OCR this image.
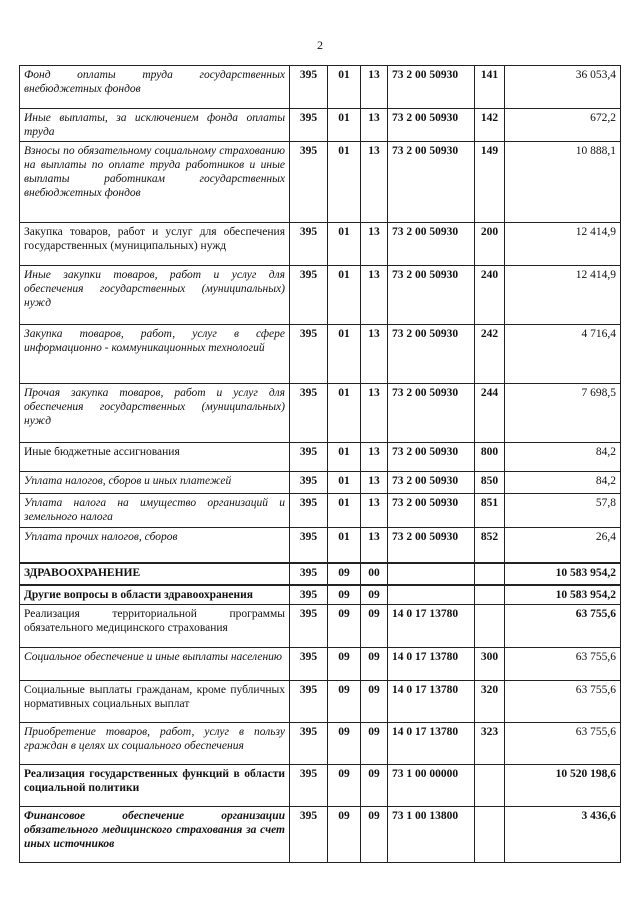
2
Фонд оплаты труда государственных внебюджетных фондов	395	01	13	73 2 00 50930	141	36 053,4
Иные выплаты, за исключением фонда оплаты труда	395	01	13	73 2 00 50930	142	672,2
Взносы по обязательному социальному страхованию на выплаты по оплате труда работников и иные выплаты работникам государственных внебюджетных фондов	395	01	13	73 2 00 50930	149	10 888,1
Закупка товаров, работ и услуг для обеспечения государственных (муниципальных) нужд	395	01	13	73 2 00 50930	200	12 414,9
Иные закупки товаров, работ и услуг для обеспечения государственных (муниципальных) нужд	395	01	13	73 2 00 50930	240	12 414,9
Закупка товаров, работ, услуг в сфере информационно - коммуникационных технологий	395	01	13	73 2 00 50930	242	4 716,4
Прочая закупка товаров, работ и услуг для обеспечения государственных (муниципальных) нужд	395	01	13	73 2 00 50930	244	7 698,5
Иные бюджетные ассигнования	395	01	13	73 2 00 50930	800	84,2
Уплата налогов, сборов и иных платежей	395	01	13	73 2 00 50930	850	84,2
Уплата налога на имущество организаций и земельного налога	395	01	13	73 2 00 50930	851	57,8
Уплата прочих налогов, сборов	395	01	13	73 2 00 50930	852	26,4
ЗДРАВООХРАНЕНИЕ	395	09	00			10 583 954,2
Другие вопросы в области здравоохранения	395	09	09			10 583 954,2
Реализация территориальной программы обязательного медицинского страхования	395	09	09	14 0 17 13780		63 755,6
Социальное обеспечение и иные выплаты населению	395	09	09	14 0 17 13780	300	63 755,6
Социальные выплаты гражданам, кроме публичных нормативных социальных выплат	395	09	09	14 0 17 13780	320	63 755,6
Приобретение товаров, работ, услуг в пользу граждан в целях их социального обеспечения	395	09	09	14 0 17 13780	323	63 755,6
Реализация государственных функций в области социальной политики	395	09	09	73 1 00 00000		10 520 198,6
Финансовое обеспечение организации обязательного медицинского страхования за счет иных источников	395	09	09	73 1 00 13800		3 436,6
